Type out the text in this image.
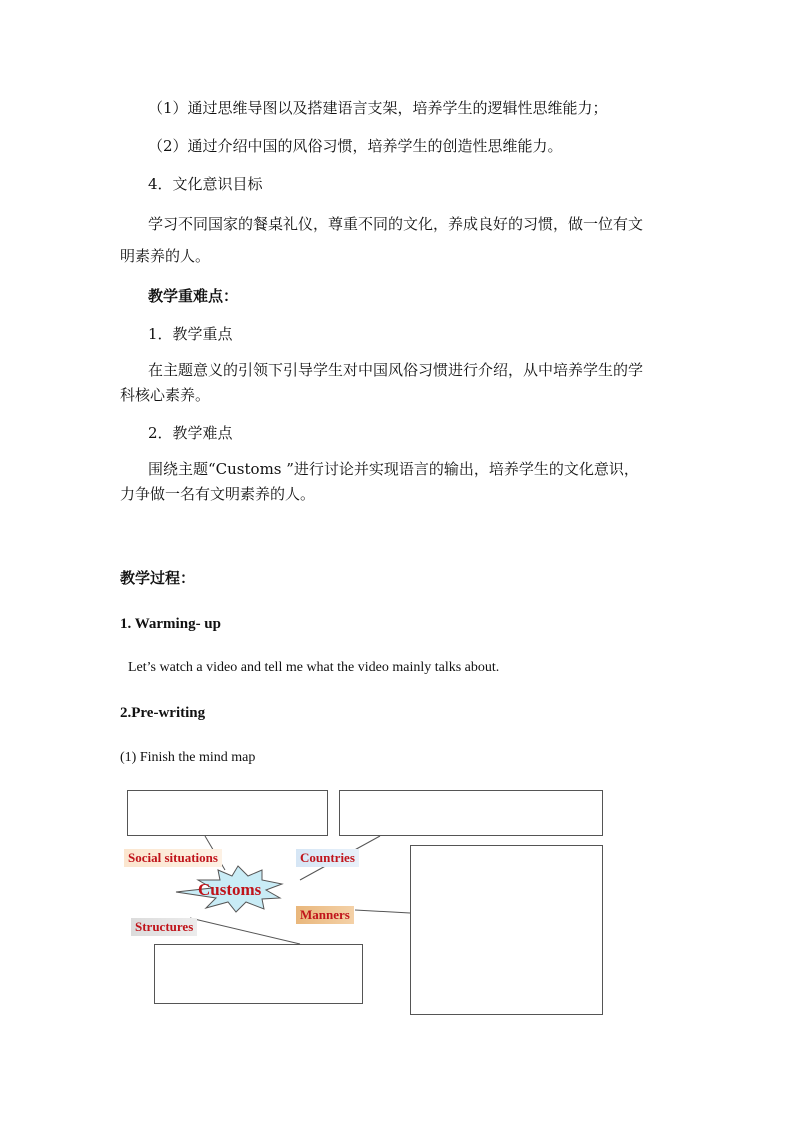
（1）通过思维导图以及搭建语言支架，培养学生的逻辑性思维能力；
（2）通过介绍中国的风俗习惯，培养学生的创造性思维能力。
4．文化意识目标
学习不同国家的餐桌礼仪，尊重不同的文化，养成良好的习惯，做一位有文
明素养的人。
教学重难点：
1．教学重点
在主题意义的引领下引导学生对中国风俗习惯进行介绍，从中培养学生的学
科核心素养。
2．教学难点
围绕主题“Customs ”进行讨论并实现语言的输出，培养学生的文化意识，
力争做一名有文明素养的人。
教学过程：
1. Warming- up
Let’s watch a video and tell me what the video mainly talks about.
2.Pre-writing
(1) Finish the mind map
Social situations	Countries
Customs
Manners
Structures
